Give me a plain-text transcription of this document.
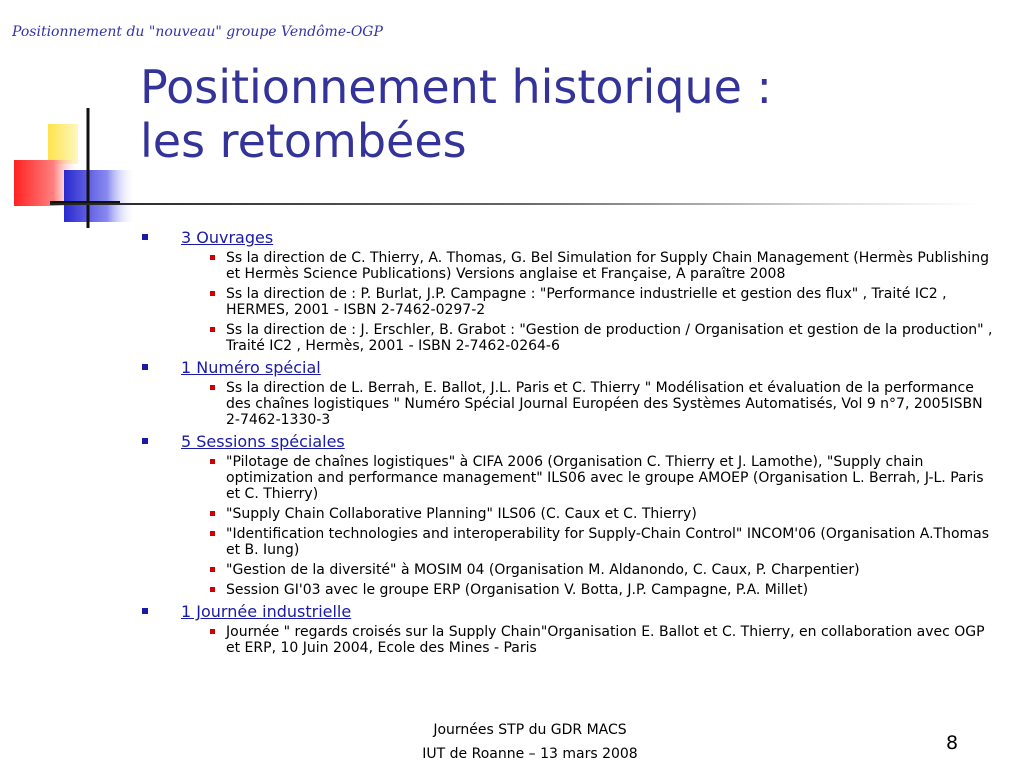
Positionnement du "nouveau" groupe Vendôme-OGP
Positionnement historique :
les retombées
3 Ouvrages
Ss la direction de C. Thierry, A. Thomas, G. Bel Simulation for Supply Chain Management (Hermès Publishing et Hermès Science Publications) Versions anglaise et Française, A paraître 2008
Ss la direction de : P. Burlat, J.P. Campagne : "Performance industrielle et gestion des flux" , Traité IC2 , HERMES, 2001 - ISBN 2-7462-0297-2
Ss la direction de : J. Erschler, B. Grabot : "Gestion de production / Organisation et gestion de la production" , Traité IC2 , Hermès, 2001 - ISBN 2-7462-0264-6
1 Numéro spécial
Ss la direction de L. Berrah, E. Ballot, J.L. Paris et C. Thierry " Modélisation et évaluation de la performance des chaînes logistiques " Numéro Spécial Journal Européen des Systèmes Automatisés, Vol 9 n°7, 2005ISBN 2-7462-1330-3
5 Sessions spéciales
"Pilotage de chaînes logistiques" à CIFA 2006 (Organisation C. Thierry et J. Lamothe), "Supply chain optimization and performance management" ILS06 avec le groupe AMOEP (Organisation L. Berrah, J-L. Paris et C. Thierry)
"Supply Chain Collaborative Planning" ILS06 (C. Caux et C. Thierry)
"Identification technologies and interoperability for Supply-Chain Control" INCOM'06 (Organisation A.Thomas et B. Iung)
"Gestion de la diversité" à MOSIM 04 (Organisation M. Aldanondo, C. Caux, P. Charpentier)
Session GI'03 avec le groupe ERP (Organisation V. Botta, J.P. Campagne, P.A. Millet)
1 Journée industrielle
Journée " regards croisés sur la Supply Chain"Organisation E. Ballot et C. Thierry, en collaboration avec OGP et ERP, 10 Juin 2004, Ecole des Mines - Paris
Journées STP du GDR MACS
IUT de Roanne – 13 mars 2008	8
